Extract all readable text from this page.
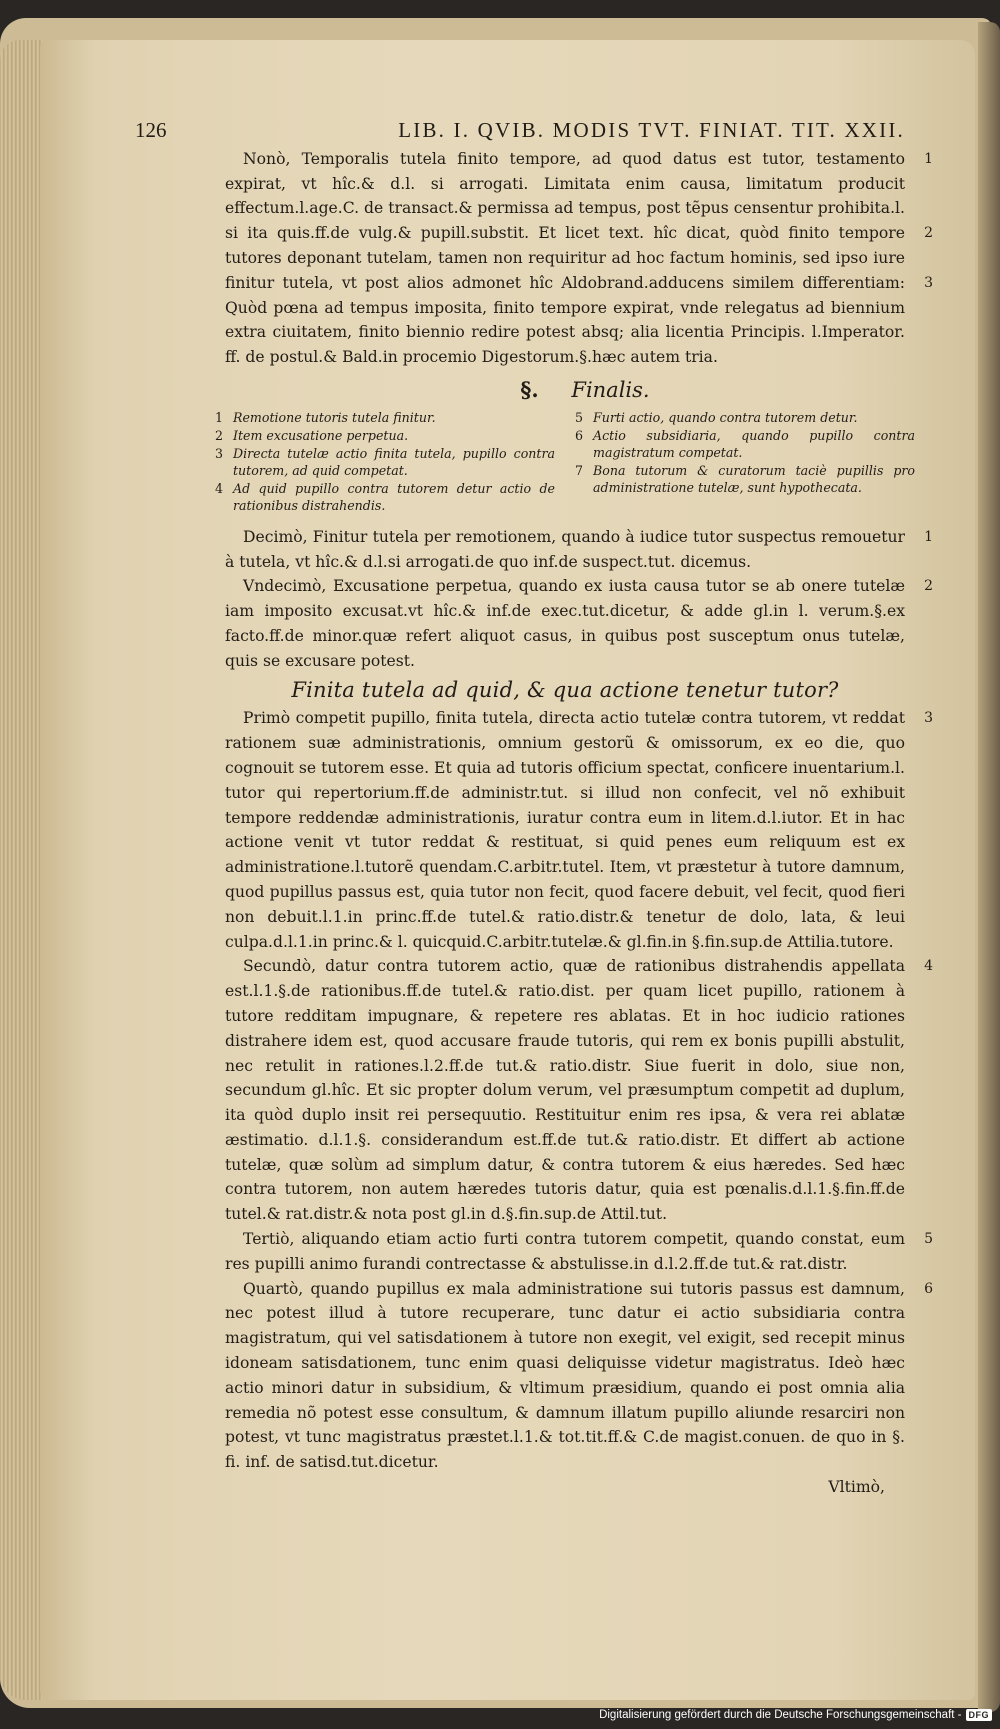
126	LIB. I. QVIB. MODIS TVT. FINIAT. TIT. XXII.
1
2
3

Nonò, Temporalis tutela finito tempore, ad quod datus est tutor, testamento expirat, vt hîc.& d.l. si arrogati. Limitata enim causa, limitatum producit effectum.l.age.C. de transact.& permissa ad tempus, post tẽpus censentur prohibita.l. si ita quis.ff.de vulg.& pupill.substit. Et licet text. hîc dicat, quòd finito tempore tutores deponant tutelam, tamen non requiritur ad hoc factum hominis, sed ipso iure finitur tutela, vt post alios admonet hîc Aldobrand.adducens similem differentiam: Quòd pœna ad tempus imposita, finito tempore expirat, vnde relegatus ad biennium extra ciuitatem, finito biennio redire potest absq; alia licentia Principis. l.Imperator. ff. de postul.& Bald.in procemio Digestorum.§.hæc autem tria.

§. Finalis.
1 Remotione tutoris tutela finitur.
2 Item excusatione perpetua.
3 Directa tutelæ actio finita tutela, pupillo contra tutorem, ad quid competat.
4 Ad quid pupillo contra tutorem detur actio de rationibus distrahendis.
5 Furti actio, quando contra tutorem detur.
6 Actio subsidiaria, quando pupillo contra magistratum competat.
7 Bona tutorum & curatorum taciè pupillis pro administratione tutelæ, sunt hypothecata.
1

Decimò, Finitur tutela per remotionem, quando à iudice tutor suspectus remouetur à tutela, vt hîc.& d.l.si arrogati.de quo inf.de suspect.tut. dicemus.

2

Vndecimò, Excusatione perpetua, quando ex iusta causa tutor se ab onere tutelæ iam imposito excusat.vt hîc.& inf.de exec.tut.dicetur, & adde gl.in l. verum.§.ex facto.ff.de minor.quæ refert aliquot casus, in quibus post susceptum onus tutelæ, quis se excusare potest.

Finita tutela ad quid, & qua actione tenetur tutor?
3

Primò competit pupillo, finita tutela, directa actio tutelæ contra tutorem, vt reddat rationem suæ administrationis, omnium gestorũ & omissorum, ex eo die, quo cognouit se tutorem esse. Et quia ad tutoris officium spectat, conficere inuentarium.l. tutor qui repertorium.ff.de administr.tut. si illud non confecit, vel nõ exhibuit tempore reddendæ administrationis, iuratur contra eum in litem.d.l.iutor. Et in hac actione venit vt tutor reddat & restituat, si quid penes eum reliquum est ex administratione.l.tutorẽ quendam.C.arbitr.tutel. Item, vt præstetur à tutore damnum, quod pupillus passus est, quia tutor non fecit, quod facere debuit, vel fecit, quod fieri non debuit.l.1.in princ.ff.de tutel.& ratio.distr.& tenetur de dolo, lata, & leui culpa.d.l.1.in princ.& l. quicquid.C.arbitr.tutelæ.& gl.fin.in §.fin.sup.de Attilia.tutore.

4

Secundò, datur contra tutorem actio, quæ de rationibus distrahendis appellata est.l.1.§.de rationibus.ff.de tutel.& ratio.dist. per quam licet pupillo, rationem à tutore redditam impugnare, & repetere res ablatas. Et in hoc iudicio rationes distrahere idem est, quod accusare fraude tutoris, qui rem ex bonis pupilli abstulit, nec retulit in rationes.l.2.ff.de tut.& ratio.distr. Siue fuerit in dolo, siue non, secundum gl.hîc. Et sic propter dolum verum, vel præsumptum competit ad duplum, ita quòd duplo insit rei persequutio. Restituitur enim res ipsa, & vera rei ablatæ æstimatio. d.l.1.§. considerandum est.ff.de tut.& ratio.distr. Et differt ab actione tutelæ, quæ solùm ad simplum datur, & contra tutorem & eius hæredes. Sed hæc contra tutorem, non autem hæredes tutoris datur, quia est pœnalis.d.l.1.§.fin.ff.de tutel.& rat.distr.& nota post gl.in d.§.fin.sup.de Attil.tut.

5

Tertiò, aliquando etiam actio furti contra tutorem competit, quando constat, eum res pupilli animo furandi contrectasse & abstulisse.in d.l.2.ff.de tut.& rat.distr.

6

Quartò, quando pupillus ex mala administratione sui tutoris passus est damnum, nec potest illud à tutore recuperare, tunc datur ei actio subsidiaria contra magistratum, qui vel satisdationem à tutore non exegit, vel exigit, sed recepit minus idoneam satisdationem, tunc enim quasi deliquisse videtur magistratus. Ideò hæc actio minori datur in subsidium, & vltimum præsidium, quando ei post omnia alia remedia nõ potest esse consultum, & damnum illatum pupillo aliunde resarciri non potest, vt tunc magistratus præstet.l.1.& tot.tit.ff.& C.de magist.conuen. de quo in §. fi. inf. de satisd.tut.dicetur.

Vltimò,
Digitalisierung gefördert durch die Deutsche Forschungsgemeinschaft - DFG
